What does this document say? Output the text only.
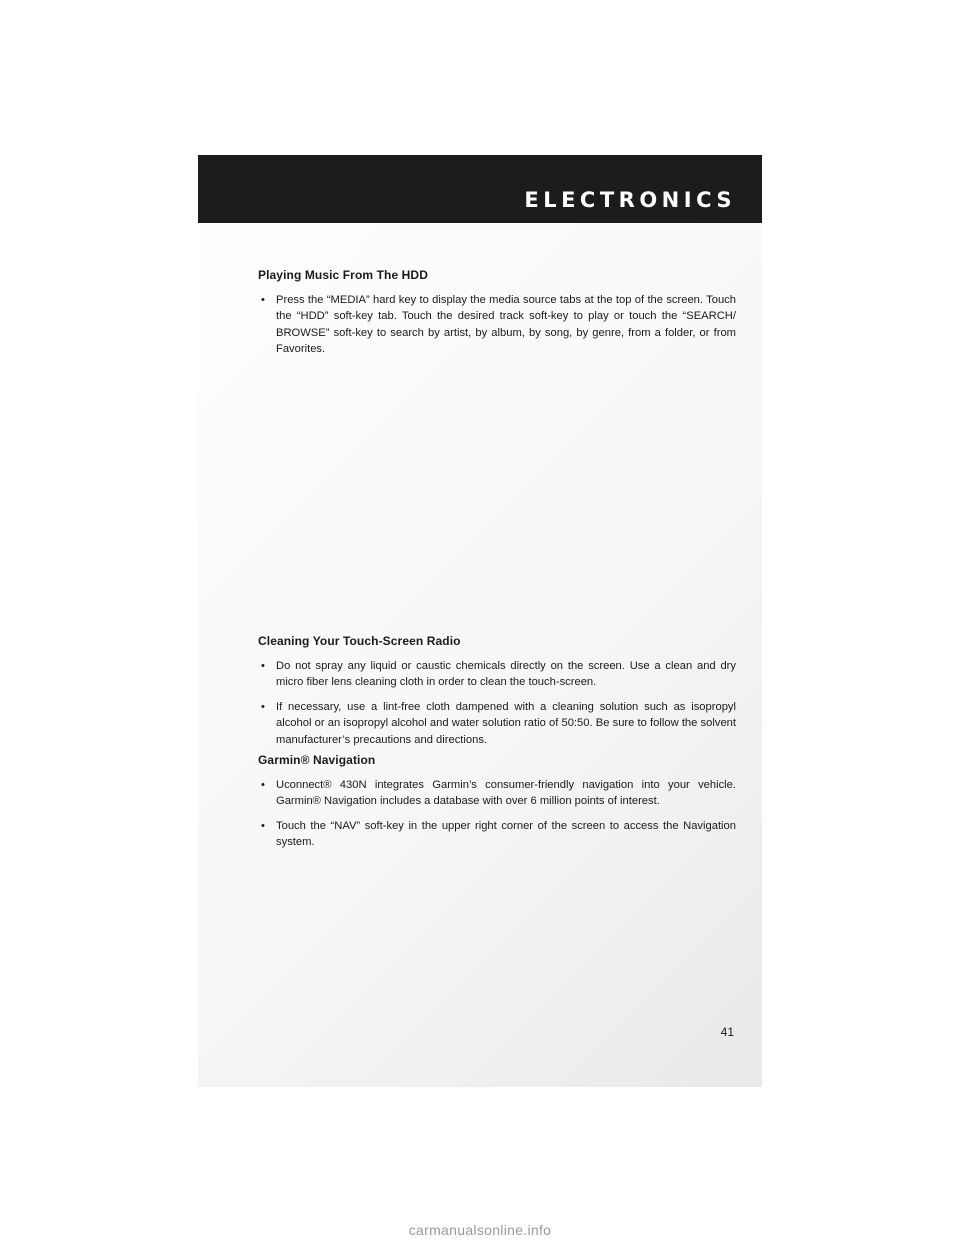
ELECTRONICS
Playing Music From The HDD
• Press the “MEDIA” hard key to display the media source tabs at the top of the screen. Touch the “HDD” soft-key tab. Touch the desired track soft-key to play or touch the “SEARCH/ BROWSE” soft-key to search by artist, by album, by song, by genre, from a folder, or from Favorites.
Cleaning Your Touch-Screen Radio
• Do not spray any liquid or caustic chemicals directly on the screen. Use a clean and dry micro fiber lens cleaning cloth in order to clean the touch-screen.
• If necessary, use a lint-free cloth dampened with a cleaning solution such as isopropyl alcohol or an isopropyl alcohol and water solution ratio of 50:50. Be sure to follow the solvent manufacturer’s precautions and directions.
Garmin® Navigation
• Uconnect® 430N integrates Garmin’s consumer-friendly navigation into your vehicle. Garmin® Navigation includes a database with over 6 million points of interest.
• Touch the “NAV” soft-key in the upper right corner of the screen to access the Navigation system.
41
carmanualsonline.info
